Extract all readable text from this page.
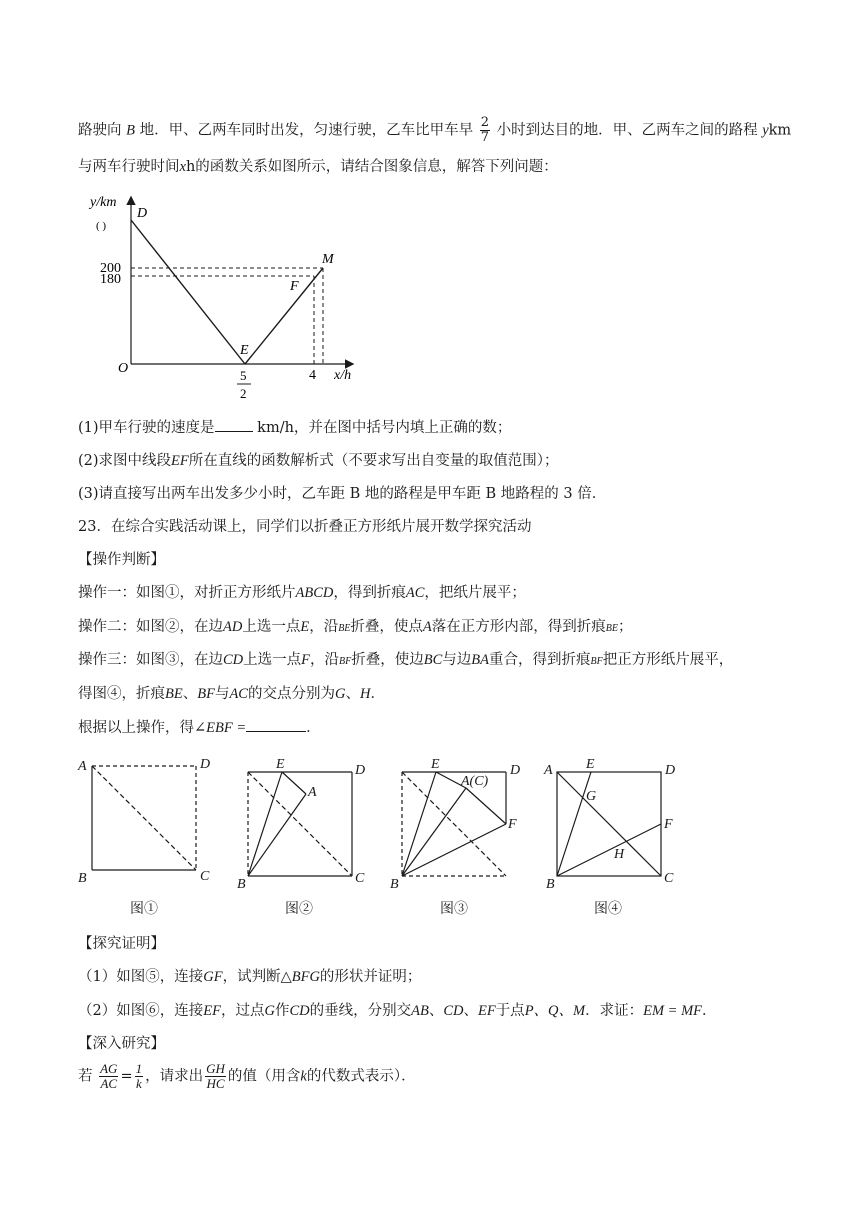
路驶向 B 地．甲、乙两车同时出发，匀速行驶，乙车比甲车早 $\frac{2}{7}$ 小时到达目的地．甲、乙两车之间的路程 ykm
与两车行驶时间xh的函数关系如图所示，请结合图象信息，解答下列问题：
y/km
D
( )
200
180
M
F
E
O	5
2
4 x/h
(1)甲车行驶的速度是	km/h，并在图中括号内填上正确的数；
(2)求图中线段EF所在直线的函数解析式（不要求写出自变量的取值范围）；
(3)请直接写出两车出发多少小时，乙车距 B 地的路程是甲车距 B 地路程的 3 倍．
23．在综合实践活动课上，同学们以折叠正方形纸片展开数学探究活动
【操作判断】
操作一：如图①，对折正方形纸片ABCD，得到折痕AC，把纸片展平；
操作二：如图②，在边AD上选一点E，沿BE折叠，使点A落在正方形内部，得到折痕BE；
操作三：如图③，在边CD上选一点F，沿BF折叠，使边BC与边BA重合，得到折痕BF把正方形纸片展平，
得图④，折痕BE、BF与AC的交点分别为G、H．
根据以上操作，得∠EBF =	．
A	D
B	C
E	D
A
B	C
E
A(C)
D
F
B
A E	D
G
F
H
B	C
图①	图②	图③	图④
【探究证明】
（1）如图⑤，连接GF，试判断△BFG的形状并证明；
（2）如图⑥，连接EF，过点G作CD的垂线，分别交AB、CD、EF于点P、Q、M．求证：EM = MF．
【深入研究】
若 $\frac{AG}{AC} = \frac{1}{k}$ ，请求出 $\frac{GH}{HC}$ 的值（用含k的代数式表示）．
